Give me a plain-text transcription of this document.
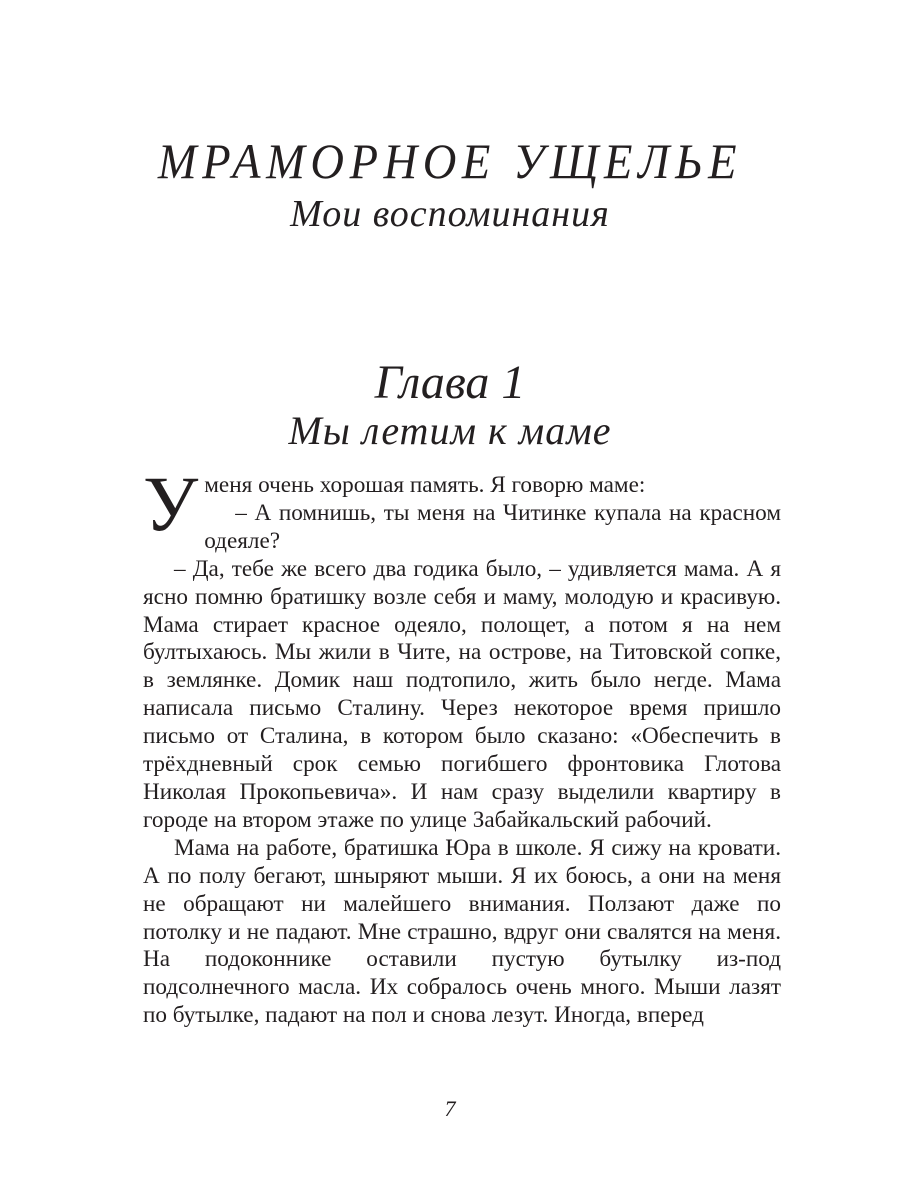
МРАМОРНОЕ УЩЕЛЬЕ
Мои воспоминания
Глава 1
Мы летим к маме

Уменя очень хорошая память. Я говорю маме:

– А помнишь, ты меня на Читинке купала на красном одеяле?

– Да, тебе же всего два годика было, – удивляется мама. А я ясно помню братишку возле себя и маму, молодую и красивую. Мама стирает красное одеяло, полощет, а потом я на нем бултыхаюсь. Мы жили в Чите, на острове, на Титовской сопке, в землянке. Домик наш подтопило, жить было негде. Мама написала письмо Сталину. Через некоторое время пришло письмо от Сталина, в котором было сказано: «Обеспечить в трёхдневный срок семью погибшего фронтовика Глотова Николая Прокопьевича». И нам сразу выделили квартиру в городе на втором этаже по улице Забайкальский рабочий.

Мама на работе, братишка Юра в школе. Я сижу на кровати. А по полу бегают, шныряют мыши. Я их боюсь, а они на меня не обращают ни малейшего внимания. Ползают даже по потолку и не падают. Мне страшно, вдруг они свалятся на меня. На подоконнике оставили пустую бутылку из-под подсолнечного масла. Их собралось очень много. Мыши лазят по бутылке, падают на пол и снова лезут. Иногда, вперед

7
